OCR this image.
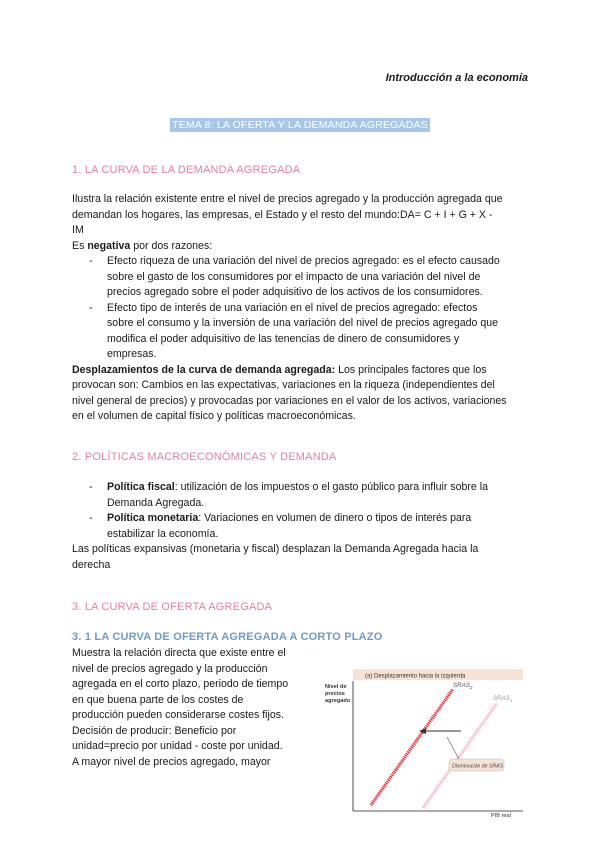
Introducción a la economía
TEMA 8: LA OFERTA Y LA DEMANDA AGREGADAS
1. LA CURVA DE LA DEMANDA AGREGADA
Ilustra la relación existente entre el nivel de precios agregado y la producción agregada que
demandan los hogares, las empresas, el Estado y el resto del mundo:DA= C + I + G + X -
IM
Es negativa por dos razones:
- Efecto riqueza de una variación del nivel de precios agregado: es el efecto causado
sobre el gasto de los consumidores por el impacto de una variación del nivel de
precios agregado sobre el poder adquisitivo de los activos de los consumidores.
- Efecto tipo de interés de una variación en el nivel de precios agregado: efectos
sobre el consumo y la inversión de una variación del nivel de precios agregado que
modifica el poder adquisitivo de las tenencias de dinero de consumidores y
empresas.
Desplazamientos de la curva de demanda agregada: Los principales factores que los
provocan son: Cambios en las expectativas, variaciones en la riqueza (independientes del
nivel general de precios) y provocadas por variaciones en el valor de los activos, variaciones
en el volumen de capital físico y políticas macroeconómicas.
2. POLÍTICAS MACROECONÓMICAS Y DEMANDA
- Política fiscal: utilización de los impuestos o el gasto público para influir sobre la
Demanda Agregada.
- Política monetaria: Variaciones en volumen de dinero o tipos de interés para
estabilizar la economía.
Las políticas expansivas (monetaria y fiscal) desplazan la Demanda Agregada hacia la
derecha
3. LA CURVA DE OFERTA AGREGADA
3. 1 LA CURVA DE OFERTA AGREGADA A CORTO PLAZO
Muestra la relación directa que existe entre el
nivel de precios agregado y la producción
agregada en el corto plazo, periodo de tiempo
en que buena parte de los costes de
producción pueden considerarse costes fijos.
Decisión de producir: Beneficio por
unidad=precio por unidad - coste por unidad.
A mayor nivel de precios agregado, mayor
(a) Desplazamiento hacia la izquierda
Nivel de
precios
agregado
$SRAS_2$
$SRAS_1$
Disminución de SRAS
PIB real
